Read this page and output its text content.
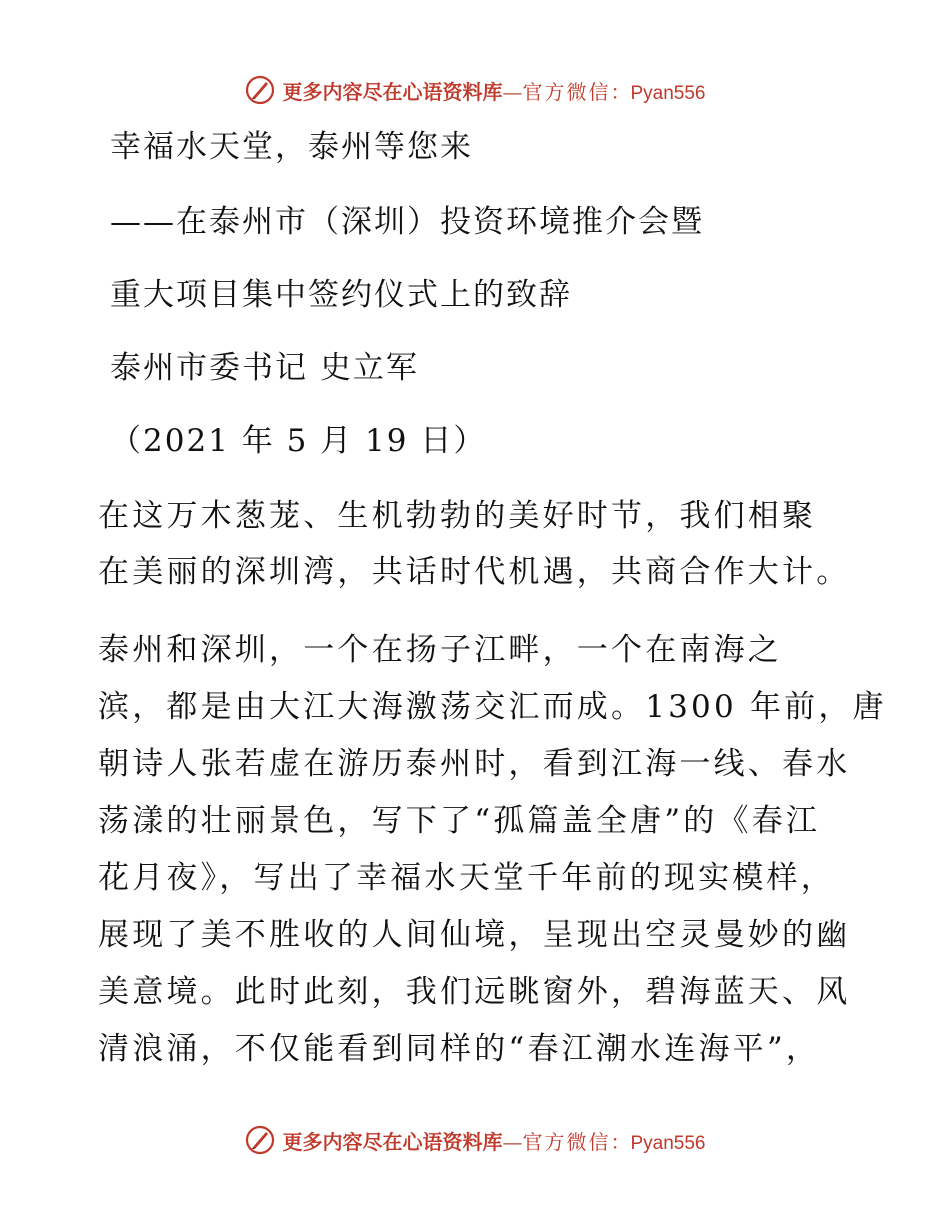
更多内容尽在心语资料库 — 官方微信 ： Pyan556
幸福水天堂，泰州等您来
——在泰州市（深圳）投资环境推介会暨
重大项目集中签约仪式上的致辞
泰州市委书记 史立军
（2021 年 5 月 19 日）
在这万木葱茏、生机勃勃的美好时节，我们相聚
在美丽的深圳湾，共话时代机遇，共商合作大计。
泰州和深圳，一个在扬子江畔，一个在南海之
滨，都是由大江大海激荡交汇而成。1300 年前，唐
朝诗人张若虚在游历泰州时，看到江海一线、春水
荡漾的壮丽景色，写下了“孤篇盖全唐”的《春江
花月夜》，写出了幸福水天堂千年前的现实模样，
展现了美不胜收的人间仙境，呈现出空灵曼妙的幽
美意境。此时此刻，我们远眺窗外，碧海蓝天、风
清浪涌，不仅能看到同样的“春江潮水连海平”，
更多内容尽在心语资料库 — 官方微信 ： Pyan556
